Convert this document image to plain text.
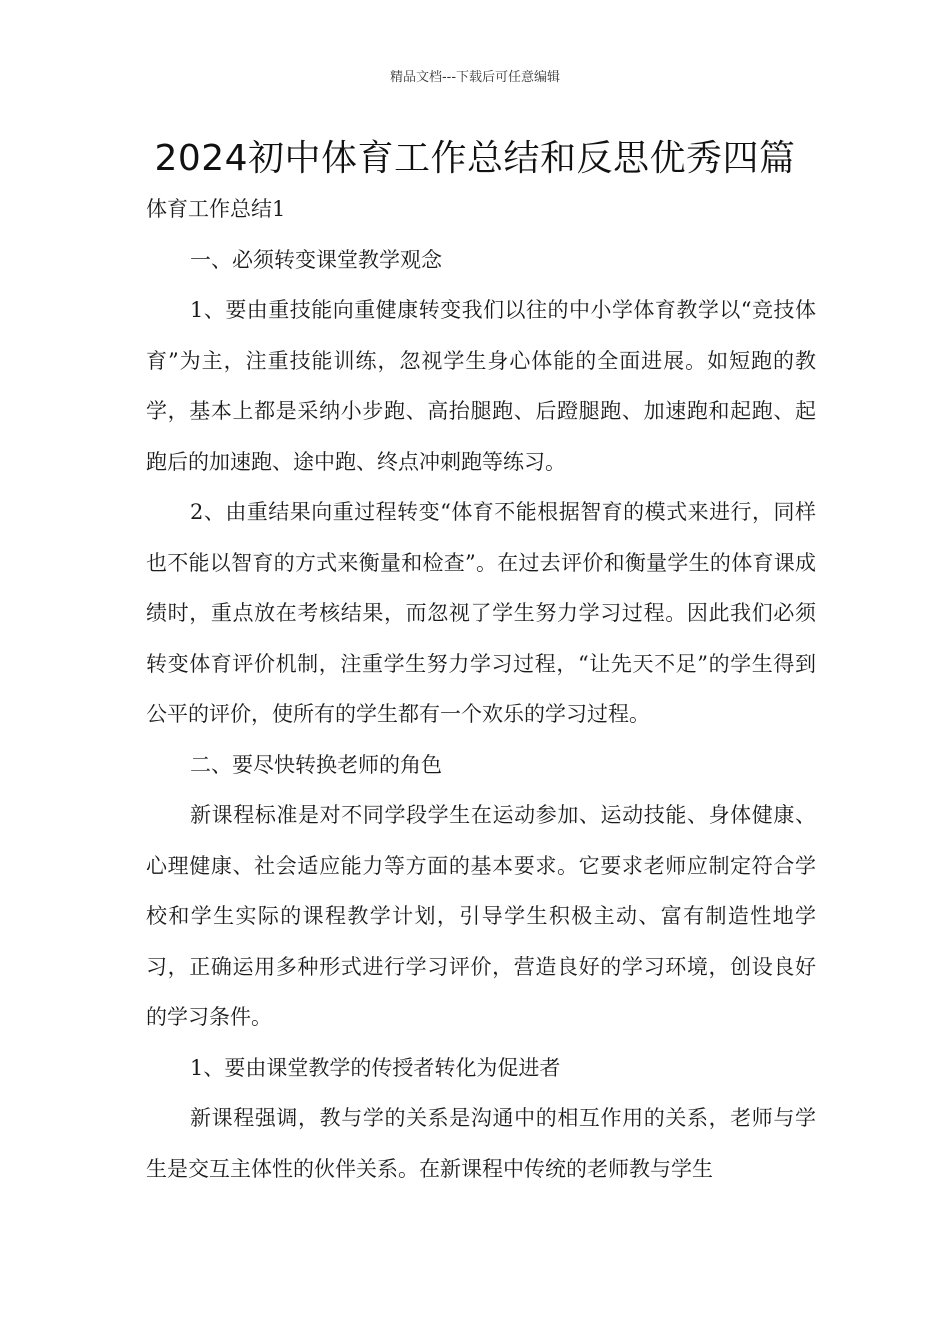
精品文档---下载后可任意编辑
2024初中体育工作总结和反思优秀四篇

体育工作总结1

一、必须转变课堂教学观念

1、要由重技能向重健康转变我们以往的中小学体育教学以“竞技体育”为主，注重技能训练，忽视学生身心体能的全面进展。如短跑的教学，基本上都是采纳小步跑、高抬腿跑、后蹬腿跑、加速跑和起跑、起跑后的加速跑、途中跑、终点冲刺跑等练习。

2、由重结果向重过程转变“体育不能根据智育的模式来进行，同样也不能以智育的方式来衡量和检查”。在过去评价和衡量学生的体育课成绩时，重点放在考核结果，而忽视了学生努力学习过程。因此我们必须转变体育评价机制，注重学生努力学习过程，“让先天不足”的学生得到公平的评价，使所有的学生都有一个欢乐的学习过程。

二、要尽快转换老师的角色

新课程标准是对不同学段学生在运动参加、运动技能、身体健康、心理健康、社会适应能力等方面的基本要求。它要求老师应制定符合学校和学生实际的课程教学计划，引导学生积极主动、富有制造性地学习，正确运用多种形式进行学习评价，营造良好的学习环境，创设良好的学习条件。

1、要由课堂教学的传授者转化为促进者

新课程强调，教与学的关系是沟通中的相互作用的关系，老师与学生是交互主体性的伙伴关系。在新课程中传统的老师教与学生
